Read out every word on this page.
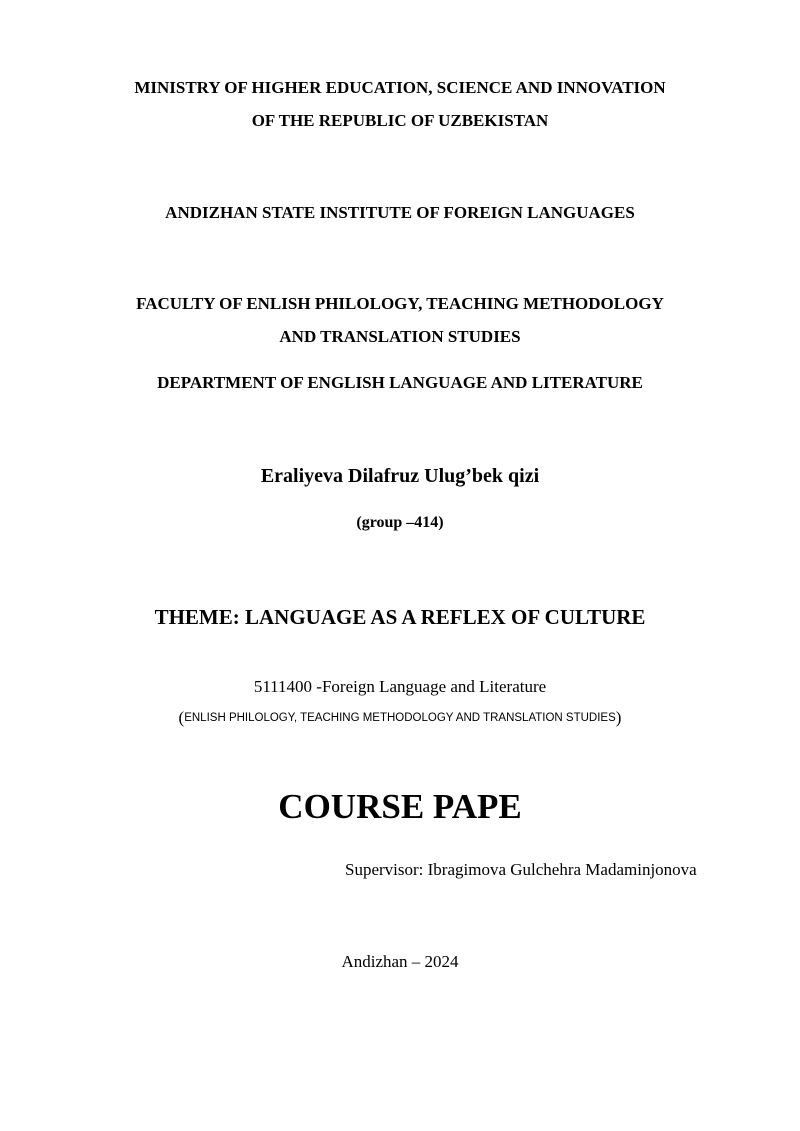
MINISTRY OF HIGHER EDUCATION, SCIENCE AND INNOVATION
OF THE REPUBLIC OF UZBEKISTAN
ANDIZHAN STATE INSTITUTE OF FOREIGN LANGUAGES
FACULTY OF ENLISH PHILOLOGY, TEACHING METHODOLOGY
AND TRANSLATION STUDIES
DEPARTMENT OF ENGLISH LANGUAGE AND LITERATURE
Eraliyeva Dilafruz Ulug’bek qizi
(group –414)
THEME: LANGUAGE AS A REFLEX OF CULTURE
5111400 -Foreign Language and Literature
(ENLISH PHILOLOGY, TEACHING METHODOLOGY AND TRANSLATION STUDIES)
COURSE PAPE
Supervisor: Ibragimova Gulchehra Madaminjonova
Andizhan – 2024
